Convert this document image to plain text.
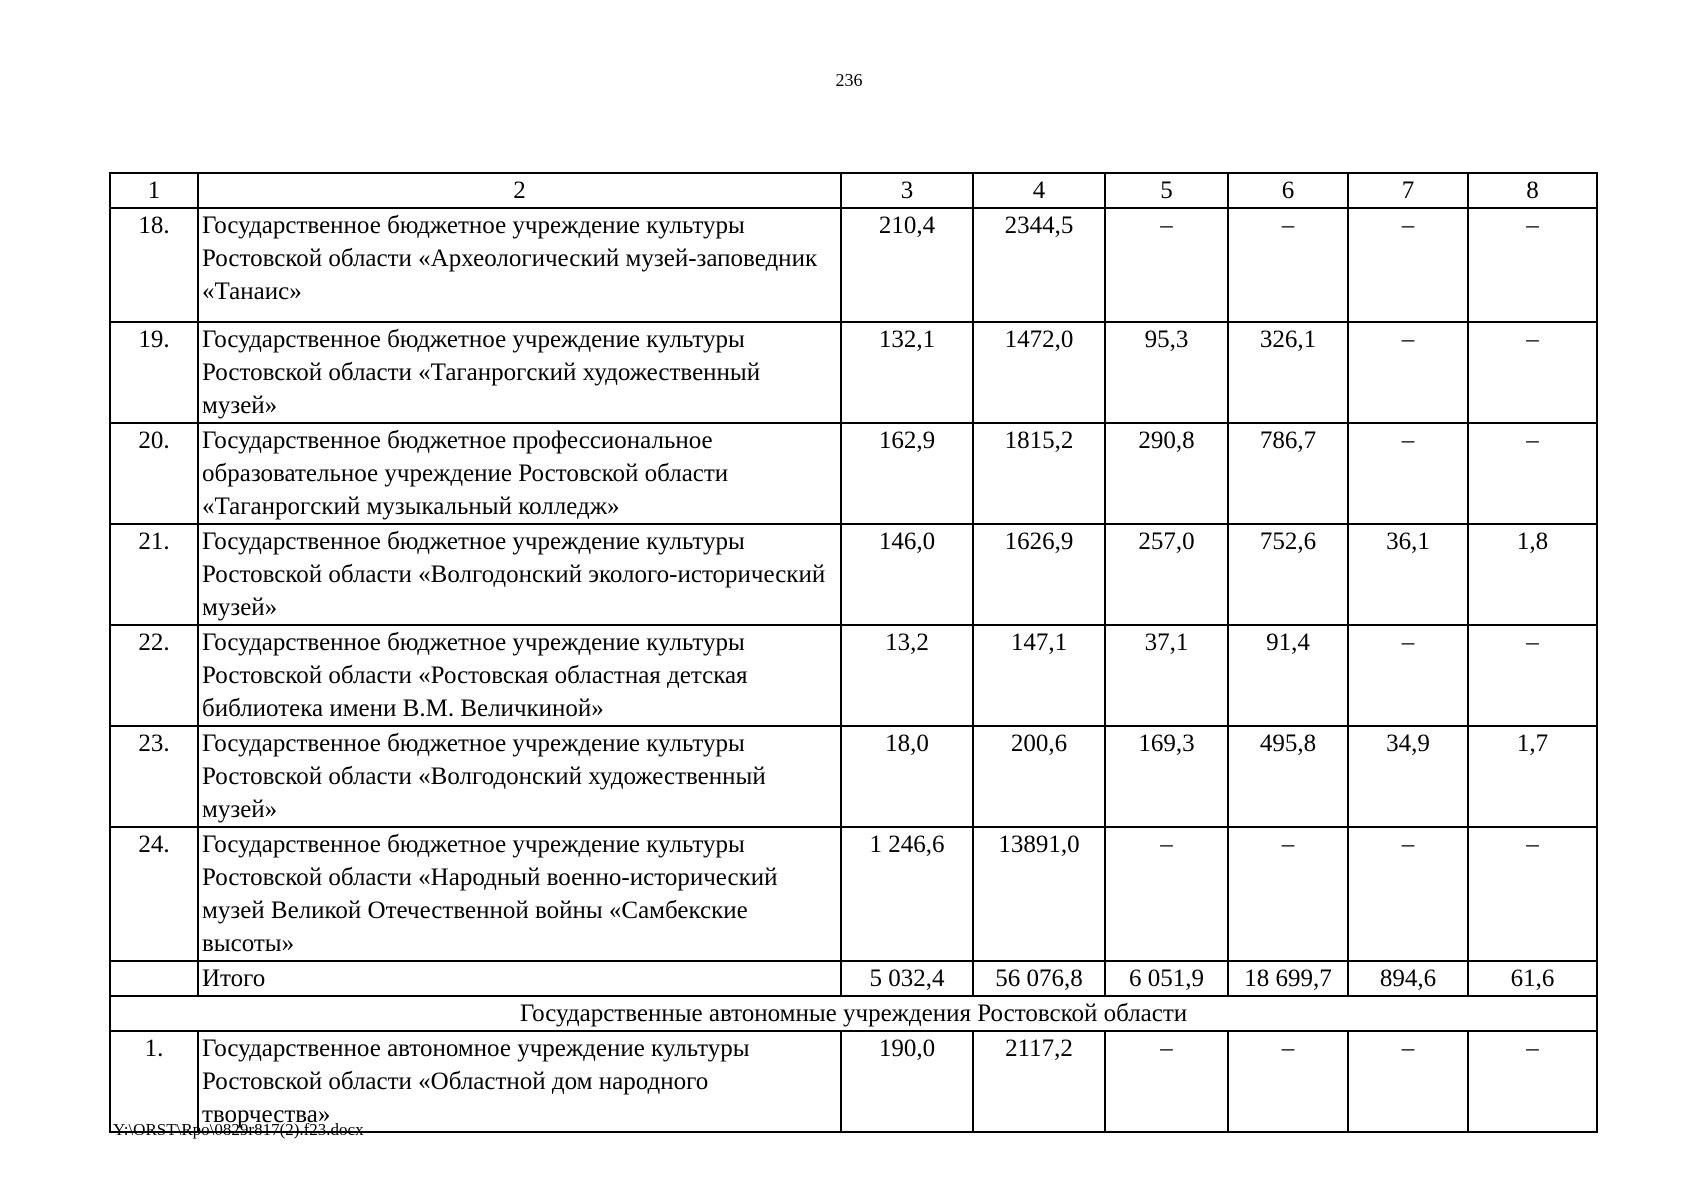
236
1	2	3	4	5	6	7	8
18.	Государственное бюджетное учреждение культуры Ростовской области «Археологический музей-заповедник «Танаис»	210,4	2344,5	–	–	–	–
19.	Государственное бюджетное учреждение культуры Ростовской области «Таганрогский художественный музей»	132,1	1472,0	95,3	326,1	–	–
20.	Государственное бюджетное профессиональное образовательное учреждение Ростовской области «Таганрогский музыкальный колледж»	162,9	1815,2	290,8	786,7	–	–
21.	Государственное бюджетное учреждение культуры Ростовской области «Волгодонский эколого-исторический музей»	146,0	1626,9	257,0	752,6	36,1	1,8
22.	Государственное бюджетное учреждение культуры Ростовской области «Ростовская областная детская библиотека имени В.М. Величкиной»	13,2	147,1	37,1	91,4	–	–
23.	Государственное бюджетное учреждение культуры Ростовской области «Волгодонский художественный музей»	18,0	200,6	169,3	495,8	34,9	1,7
24.	Государственное бюджетное учреждение культуры Ростовской области «Народный военно-исторический музей Великой Отечественной войны «Самбекские высоты»	1 246,6	13891,0	–	–	–	–
	Итого	5 032,4	56 076,8	6 051,9	18 699,7	894,6	61,6
Государственные автономные учреждения Ростовской области							
1.	Государственное автономное учреждение культуры Ростовской области «Областной дом народного творчества»	190,0	2117,2	–	–	–	–
Y:\ORST\Rpo\0829r817(2).f23.docx
